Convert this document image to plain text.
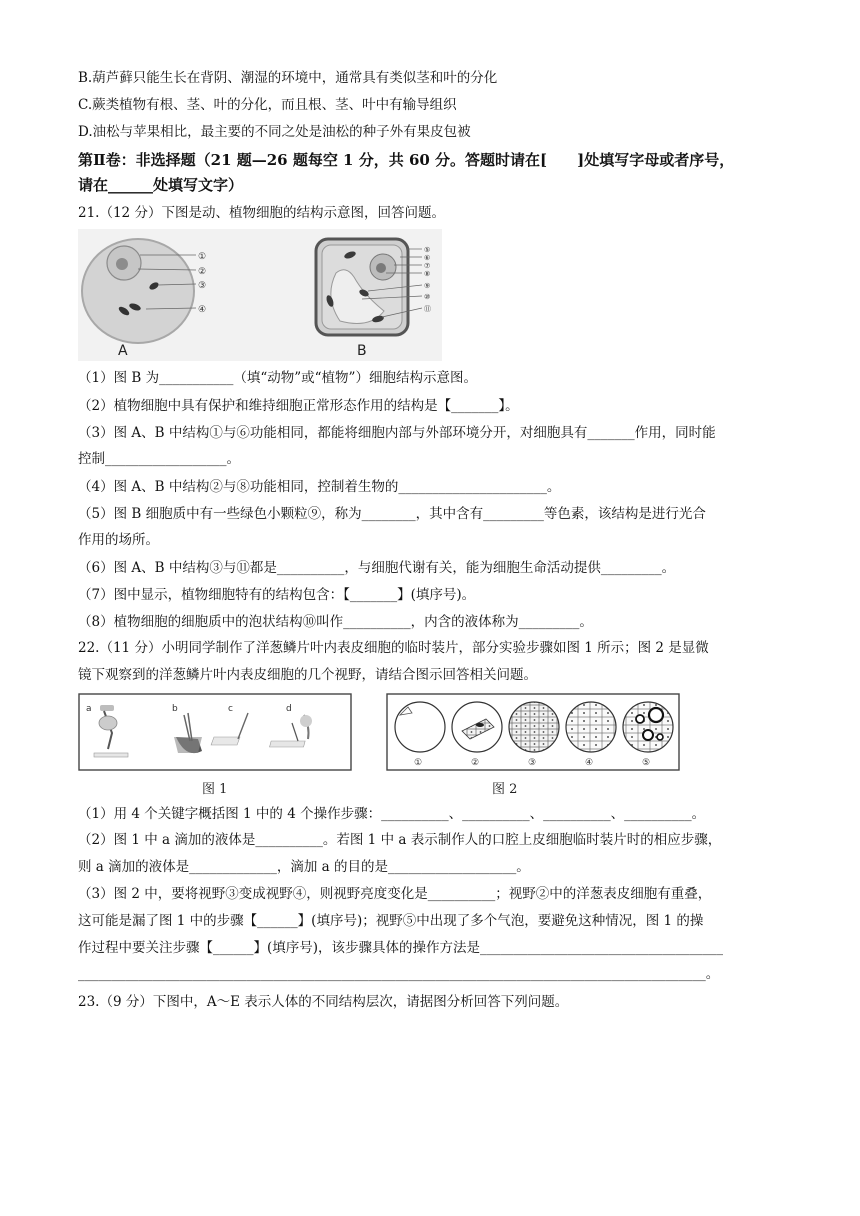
B.葫芦藓只能生长在背阴、潮湿的环境中，通常具有类似茎和叶的分化
C.蕨类植物有根、茎、叶的分化，而且根、茎、叶中有输导组织
D.油松与苹果相比，最主要的不同之处是油松的种子外有果皮包被
第Ⅱ卷：非选择题（21 题—26 题每空 1 分，共 60 分。答题时请在[　　]处填写字母或者序号，
请在______处填写文字）
21.（12 分）下图是动、植物细胞的结构示意图，回答问题。
①
②
③
④
A
⑤
⑥
⑦
⑧
⑨
⑩
⑪
B
（1）图 B 为___________（填“动物”或“植物”）细胞结构示意图。
（2）植物细胞中具有保护和维持细胞正常形态作用的结构是【_______】。
（3）图 A、B 中结构①与⑥功能相同，都能将细胞内部与外部环境分开，对细胞具有_______作用，同时能
控制__________________。
（4）图 A、B 中结构②与⑧功能相同，控制着生物的______________________。
（5）图 B 细胞质中有一些绿色小颗粒⑨，称为________，其中含有_________等色素，该结构是进行光合
作用的场所。
（6）图 A、B 中结构③与⑪都是__________，与细胞代谢有关，能为细胞生命活动提供_________。
（7）图中显示，植物细胞特有的结构包含：【_______】(填序号)。
（8）植物细胞的细胞质中的泡状结构⑩叫作__________，内含的液体称为_________。
22.（11 分）小明同学制作了洋葱鳞片叶内表皮细胞的临时装片，部分实验步骤如图 1 所示；图 2 是显微
镜下观察到的洋葱鳞片叶内表皮细胞的几个视野，请结合图示回答相关问题。
a	b	c	d
图 1
①	②	③	④	⑤
图 2
（1）用 4 个关键字概括图 1 中的 4 个操作步骤：__________、__________、__________、__________。
（2）图 1 中 a 滴加的液体是__________。若图 1 中 a 表示制作人的口腔上皮细胞临时装片时的相应步骤，
则 a 滴加的液体是_____________，滴加 a 的目的是___________________。
（3）图 2 中，要将视野③变成视野④，则视野亮度变化是__________；视野②中的洋葱表皮细胞有重叠，
这可能是漏了图 1 中的步骤【______】(填序号)；视野⑤中出现了多个气泡，要避免这种情况，图 1 的操
作过程中要关注步骤【______】(填序号)，该步骤具体的操作方法是____________________________________
_____________________________________________________________________________________________。
23.（9 分）下图中，A～E 表示人体的不同结构层次，请据图分析回答下列问题。
